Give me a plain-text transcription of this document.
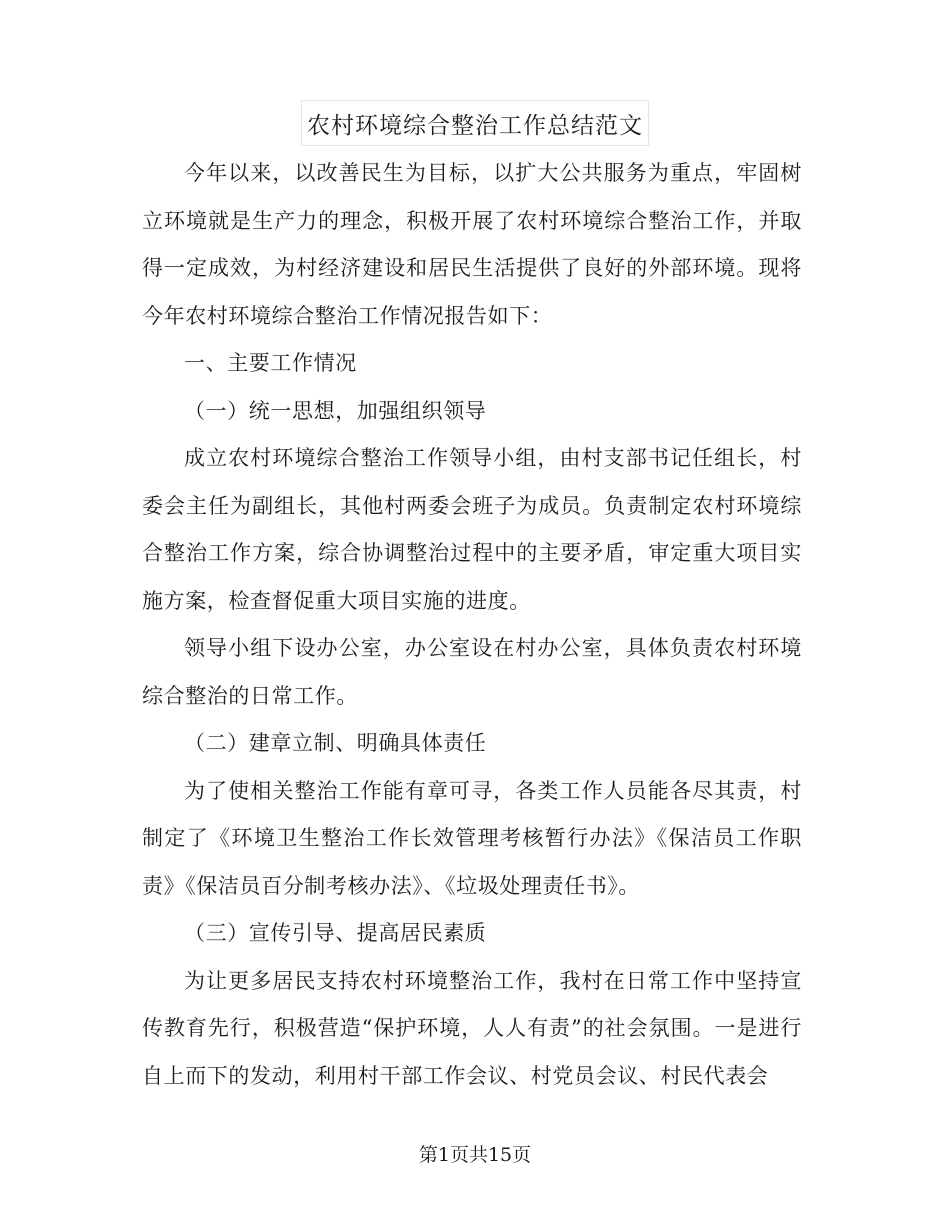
农村环境综合整治工作总结范文

今年以来，以改善民生为目标，以扩大公共服务为重点，牢固树立环境就是生产力的理念，积极开展了农村环境综合整治工作，并取得一定成效，为村经济建设和居民生活提供了良好的外部环境。现将今年农村环境综合整治工作情况报告如下：

一、主要工作情况

（一）统一思想，加强组织领导

成立农村环境综合整治工作领导小组，由村支部书记任组长，村委会主任为副组长，其他村两委会班子为成员。负责制定农村环境综合整治工作方案，综合协调整治过程中的主要矛盾，审定重大项目实施方案，检查督促重大项目实施的进度。

领导小组下设办公室，办公室设在村办公室，具体负责农村环境综合整治的日常工作。

（二）建章立制、明确具体责任

为了使相关整治工作能有章可寻，各类工作人员能各尽其责，村制定了《环境卫生整治工作长效管理考核暂行办法》《保洁员工作职责》《保洁员百分制考核办法》、《垃圾处理责任书》。

（三）宣传引导、提高居民素质

为让更多居民支持农村环境整治工作，我村在日常工作中坚持宣传教育先行，积极营造“保护环境，人人有责”的社会氛围。一是进行自上而下的发动，利用村干部工作会议、村党员会议、村民代表会

第1页共15页
